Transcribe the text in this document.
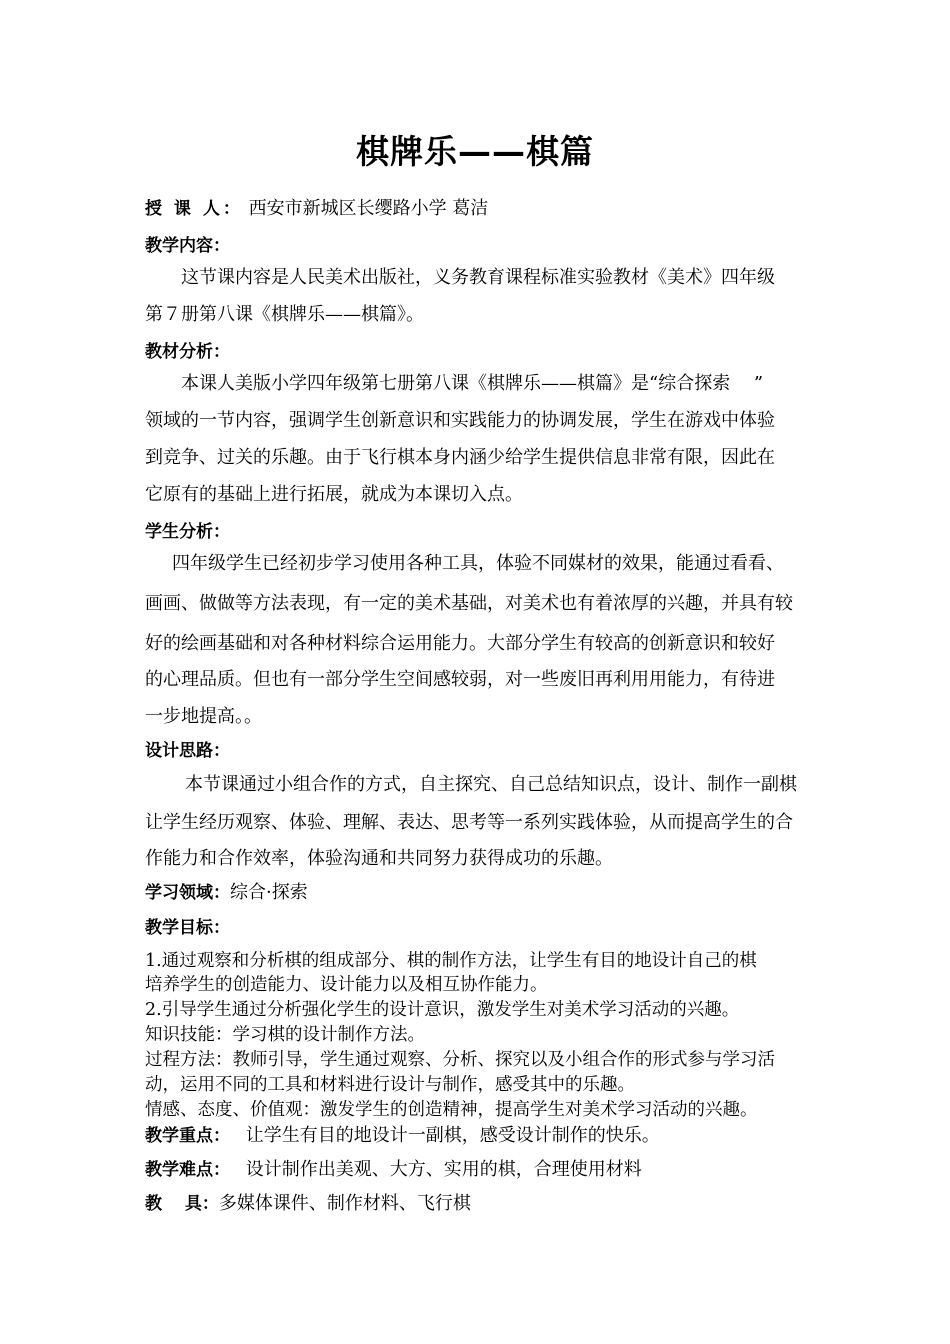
棋牌乐——棋篇
授 课 人： 西安市新城区长缨路小学 葛洁
教学内容：
这节课内容是人民美术出版社，义务教育课程标准实验教材《美术》四年级
第７册第八课《棋牌乐——棋篇》。
教材分析：
本课人美版小学四年级第七册第八课《棋牌乐——棋篇》是“综合探索　 ”
领域的一节内容，强调学生创新意识和实践能力的协调发展，学生在游戏中体验
到竞争、过关的乐趣。由于飞行棋本身内涵少给学生提供信息非常有限，因此在
它原有的基础上进行拓展，就成为本课切入点。
学生分析：
四年级学生已经初步学习使用各种工具，体验不同媒材的效果，能通过看看、
画画、做做等方法表现，有一定的美术基础，对美术也有着浓厚的兴趣，并具有较
好的绘画基础和对各种材料综合运用能力。大部分学生有较高的创新意识和较好
的心理品质。但也有一部分学生空间感较弱，对一些废旧再利用用能力，有待进
一步地提高。。
设计思路：
本节课通过小组合作的方式，自主探究、自己总结知识点，设计、制作一副棋
让学生经历观察、体验、理解、表达、思考等一系列实践体验，从而提高学生的合
作能力和合作效率，体验沟通和共同努力获得成功的乐趣。
学习领域：综合·探索
教学目标：
1.通过观察和分析棋的组成部分、棋的制作方法，让学生有目的地设计自己的棋
培养学生的创造能力、设计能力以及相互协作能力。
2.引导学生通过分析强化学生的设计意识，激发学生对美术学习活动的兴趣。
知识技能：学习棋的设计制作方法。
过程方法：教师引导，学生通过观察、分析、探究以及小组合作的形式参与学习活
动，运用不同的工具和材料进行设计与制作，感受其中的乐趣。
情感、态度、价值观：激发学生的创造精神，提高学生对美术学习活动的兴趣。
教学重点： 让学生有目的地设计一副棋，感受设计制作的快乐。
教学难点： 设计制作出美观、大方、实用的棋，合理使用材料
教　 具：多媒体课件、制作材料、飞行棋
